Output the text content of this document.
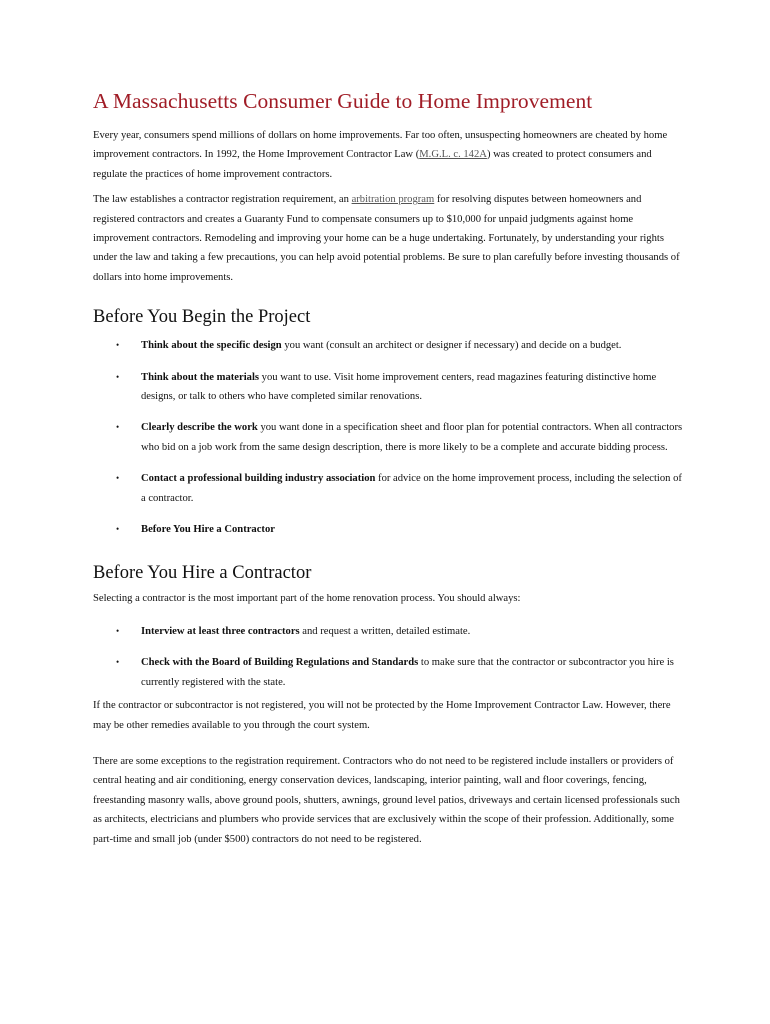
A Massachusetts Consumer Guide to Home Improvement

Every year, consumers spend millions of dollars on home improvements. Far too often, unsuspecting homeowners are cheated by home improvement contractors. In 1992, the Home Improvement Contractor Law (M.G.L. c. 142A) was created to protect consumers and regulate the practices of home improvement contractors.

The law establishes a contractor registration requirement, an arbitration program for resolving disputes between homeowners and registered contractors and creates a Guaranty Fund to compensate consumers up to $10,000 for unpaid judgments against home improvement contractors. Remodeling and improving your home can be a huge undertaking. Fortunately, by understanding your rights under the law and taking a few precautions, you can help avoid potential problems. Be sure to plan carefully before investing thousands of dollars into home improvements.

Before You Begin the Project
• Think about the specific design you want (consult an architect or designer if necessary) and decide on a budget.
• Think about the materials you want to use. Visit home improvement centers, read magazines featuring distinctive home designs, or talk to others who have completed similar renovations.
• Clearly describe the work you want done in a specification sheet and floor plan for potential contractors. When all contractors who bid on a job work from the same design description, there is more likely to be a complete and accurate bidding process.
• Contact a professional building industry association for advice on the home improvement process, including the selection of a contractor.
• Before You Hire a Contractor
Before You Hire a Contractor

Selecting a contractor is the most important part of the home renovation process. You should always:

• Interview at least three contractors and request a written, detailed estimate.
• Check with the Board of Building Regulations and Standards to make sure that the contractor or subcontractor you hire is currently registered with the state.

If the contractor or subcontractor is not registered, you will not be protected by the Home Improvement Contractor Law. However, there may be other remedies available to you through the court system.

There are some exceptions to the registration requirement. Contractors who do not need to be registered include installers or providers of central heating and air conditioning, energy conservation devices, landscaping, interior painting, wall and floor coverings, fencing, freestanding masonry walls, above ground pools, shutters, awnings, ground level patios, driveways and certain licensed professionals such as architects, electricians and plumbers who provide services that are exclusively within the scope of their profession. Additionally, some part-time and small job (under $500) contractors do not need to be registered.
